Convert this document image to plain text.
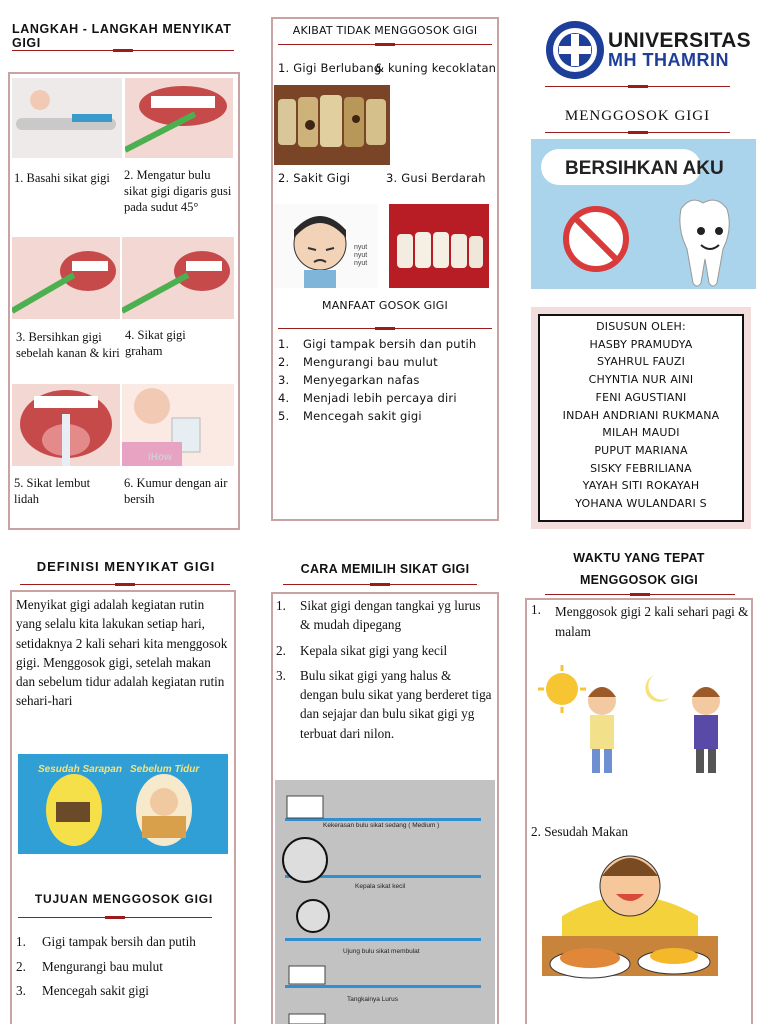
LANGKAH - LANGKAH MENYIKAT GIGI
1. Basahi sikat gigi	2. Mengatur bulu sikat gigi digaris gusi pada sudut 45°
3. Bersihkan gigi sebelah kanan & kiri
4. Sikat gigi graham
iHow
5. Sikat lembut lidah
6. Kumur dengan air bersih
AKIBAT TIDAK MENGGOSOK GIGI
1. Gigi Berlubang
& kuning kecoklatan
2. Sakit Gigi	3. Gusi Berdarah
nyut nyut nyut
MANFAAT GOSOK GIGI
1. Gigi tampak bersih dan putih
2. Mengurangi bau mulut
3. Menyegarkan nafas
4. Menjadi lebih percaya diri
5. Mencegah sakit gigi
UNIVERSITAS
MH THAMRIN
MENGGOSOK GIGI
BERSIHKAN AKU
DISUSUN OLEH:
HASBY PRAMUDYA
SYAHRUL FAUZI
CHYNTIA NUR AINI
FENI AGUSTIANI
INDAH ANDRIANI RUKMANA
MILAH MAUDI
PUPUT MARIANA
SISKY FEBRILIANA
YAYAH SITI ROKAYAH
YOHANA WULANDARI S
DEFINISI MENYIKAT GIGI
Menyikat gigi adalah kegiatan rutin yang selalu kita lakukan setiap hari, setidaknya 2 kali sehari kita menggosok gigi. Menggosok gigi, setelah makan dan sebelum tidur adalah kegiatan rutin sehari-hari
Sesudah Sarapan Sebelum Tidur
TUJUAN MENGGOSOK GIGI
1. Gigi tampak bersih dan putih
2. Mengurangi bau mulut
3. Mencegah sakit gigi
CARA MEMILIH SIKAT GIGI
1. Sikat gigi dengan tangkai yg lurus & mudah dipegang
2. Kepala sikat gigi yang kecil
3. Bulu sikat gigi yang halus & dengan bulu sikat yang berderet tiga dan sejajar dan bulu sikat gigi yg terbuat dari nilon.
Kekerasan bulu sikat sedang ( Medium )
Kepala sikat kecil
Ujung bulu sikat membulat
Tangkainya Lurus
WAKTU YANG TEPAT
MENGGOSOK GIGI
1. Menggosok gigi 2 kali sehari pagi & malam
2. Sesudah Makan
